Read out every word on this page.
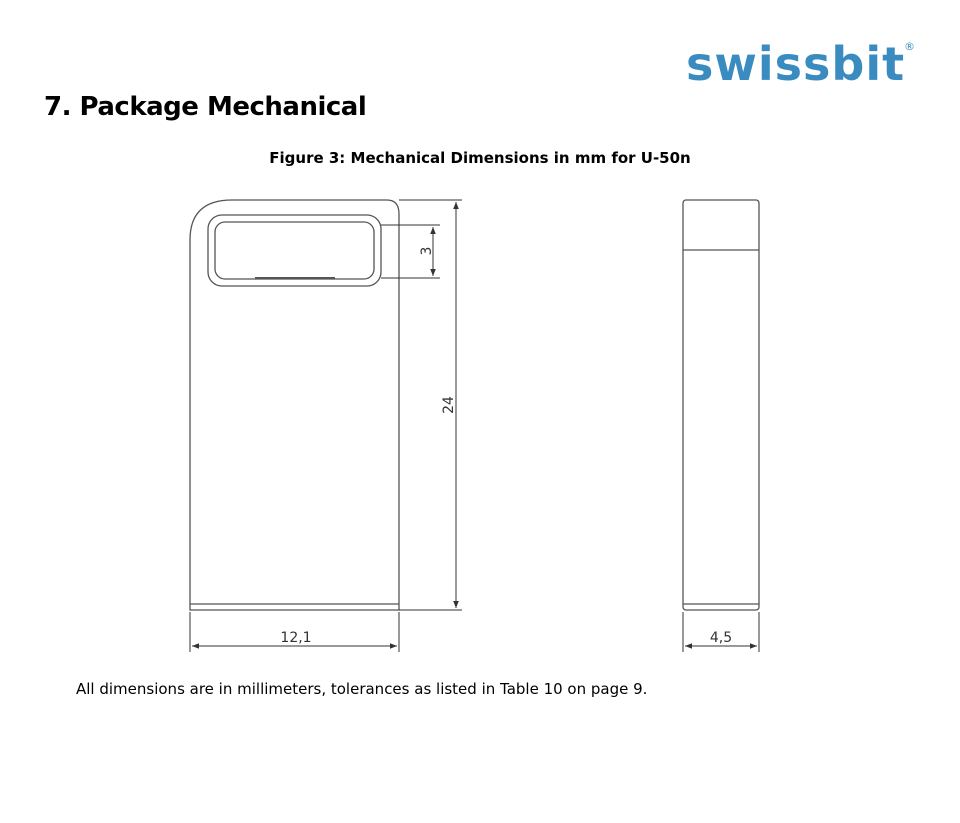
swissbit
®
7. Package Mechanical
Figure 3: Mechanical Dimensions in mm for U-50n
3
24
12,1	4,5
All dimensions are in millimeters, tolerances as listed in Table 10 on page 9.
